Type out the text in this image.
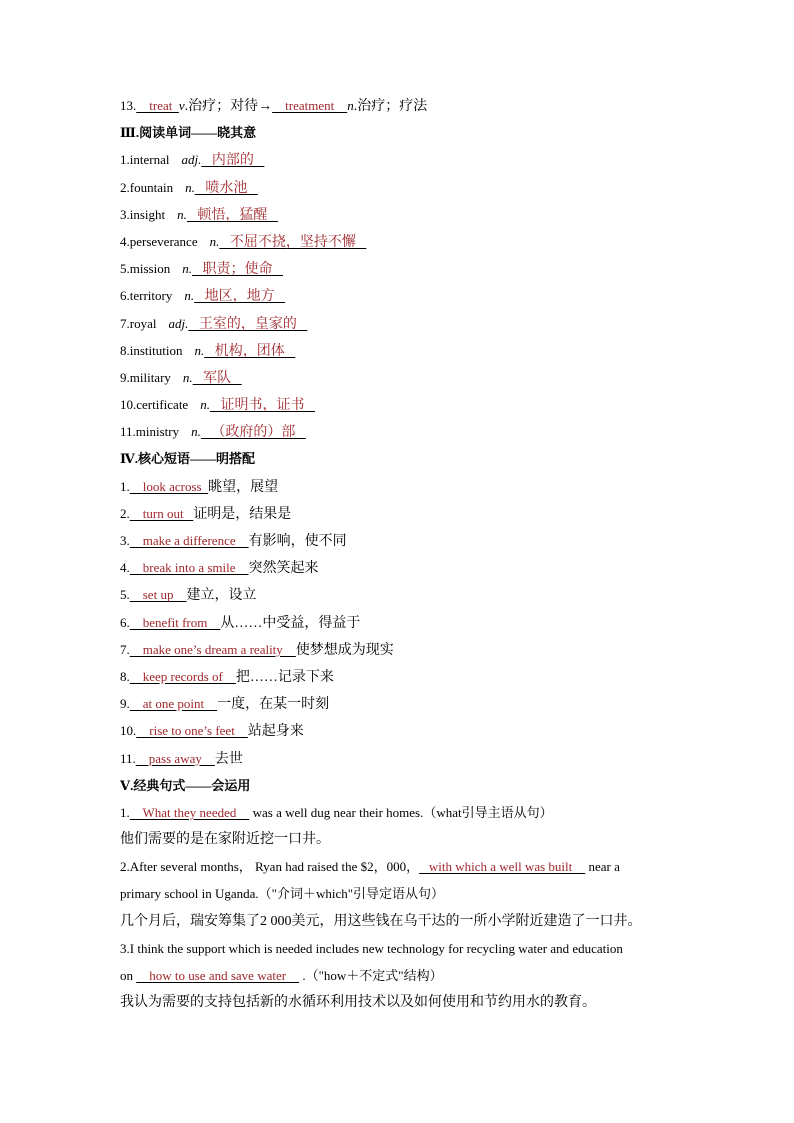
13.    treat  v.治疗；对待→    treatment    n.治疗；疗法
Ⅲ.阅读单词——晓其意
1.internal adj.   内部的
2.fountain n.   喷水池
3.insight n.   顿悟，猛醒
4.perseverance n.   不屈不挠，坚持不懈
5.mission n.   职责；使命
6.territory n.   地区，地方
7.royal adj.   王室的，皇家的
8.institution n.   机构，团体
9.military n.   军队
10.certificate n.   证明书，证书
11.ministry n.   （政府的）部
Ⅳ.核心短语——明搭配
1.    look across  眺望，展望
2.    turn out   证明是，结果是
3.    make a difference    有影响，使不同
4.    break into a smile    突然笑起来
5.    set up    建立，设立
6.    benefit from    从……中受益，得益于
7.    make one’s dream a reality    使梦想成为现实
8.    keep records of    把……记录下来
9.    at one point    一度，在某一时刻
10.    rise to one’s feet    站起身来
11.    pass away    去世
Ⅴ.经典句式——会运用
1.    What they needed     was a well dug near their homes.（what引导主语从句）
他们需要的是在家附近挖一口井。
2.After several months， Ryan had raised the $2，000，   with which a well was built     near a
primary school in Uganda.（"介词＋which"引导定语从句）
几个月后，瑞安筹集了2 000美元，用这些钱在乌干达的一所小学附近建造了一口井。
3.I think the support which is needed includes new technology for recycling water and education
on     how to use and save water     .（"how＋不定式"结构）
我认为需要的支持包括新的水循环利用技术以及如何使用和节约用水的教育。
